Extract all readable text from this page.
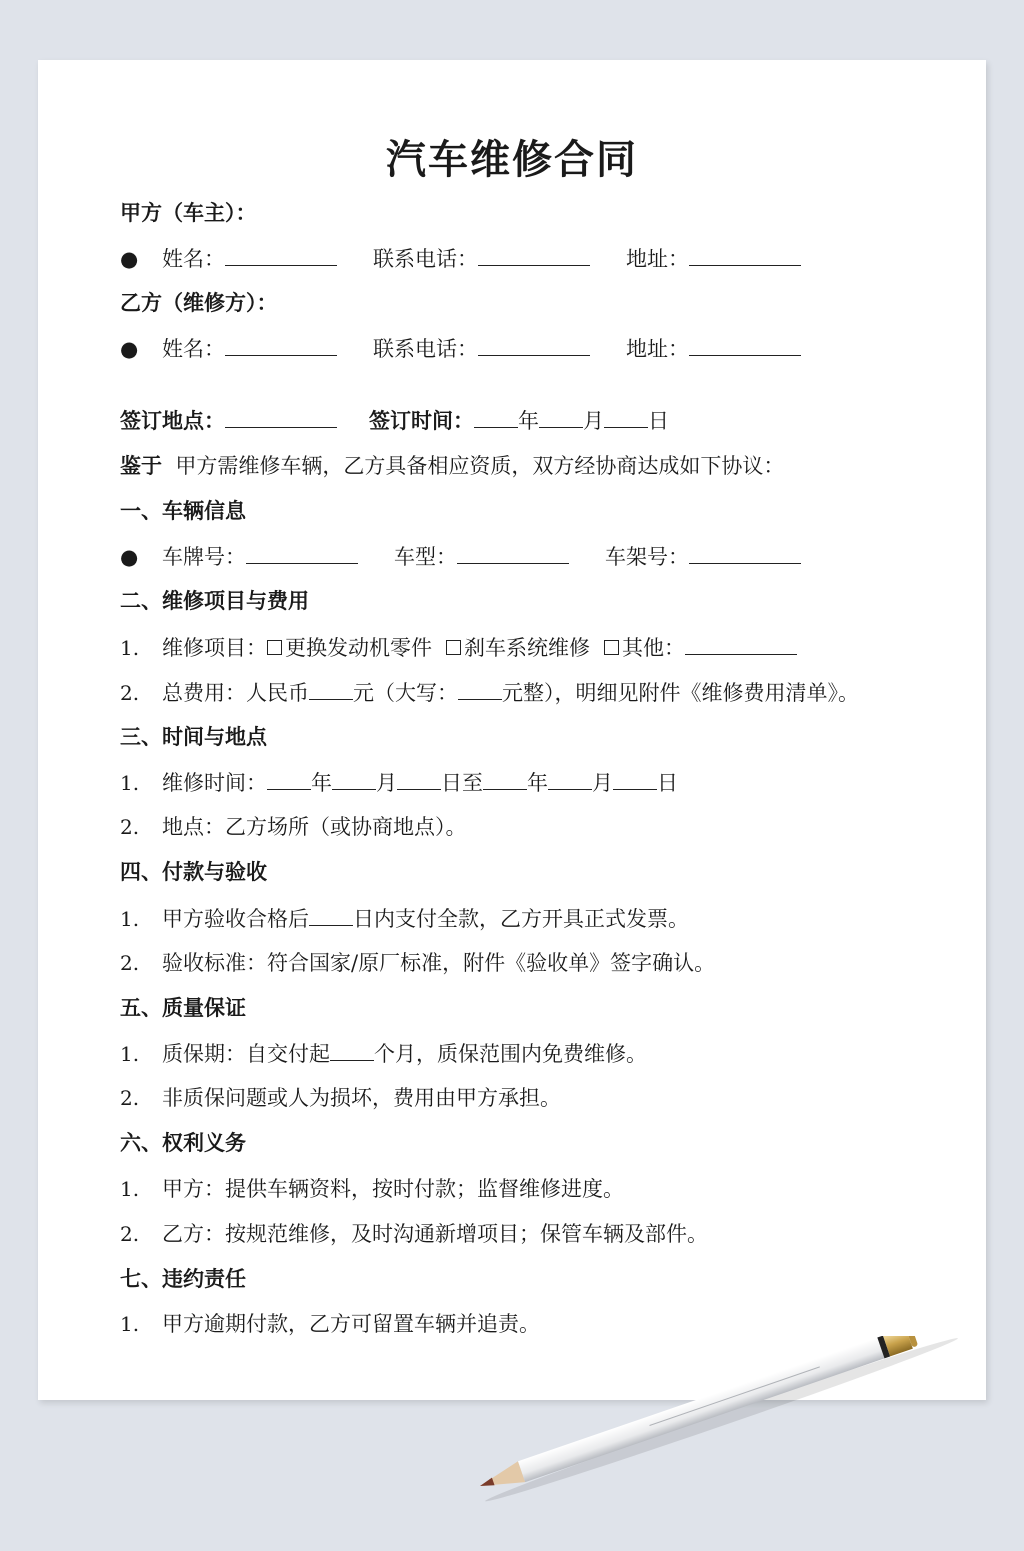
汽车维修合同
甲方（车主）：
● 姓名：	联系电话：	地址：
乙方（维修方）：
● 姓名：	联系电话：	地址：
签订地点：	签订时间： 年 月 日
鉴于 甲方需维修车辆，乙方具备相应资质，双方经协商达成如下协议：
一、车辆信息
● 车牌号：	车型：	车架号：
二、维修项目与费用
1. 维修项目： 更换发动机零件 刹车系统维修 其他：
2. 总费用：人民币 元（大写： 元整），明细见附件《维修费用清单》。
三、时间与地点
1. 维修时间： 年 月 日至 年 月 日
2. 地点：乙方场所（或协商地点）。
四、付款与验收
1. 甲方验收合格后 日内支付全款，乙方开具正式发票。
2. 验收标准：符合国家/原厂标准，附件《验收单》签字确认。
五、质量保证
1. 质保期：自交付起 个月，质保范围内免费维修。
2. 非质保问题或人为损坏，费用由甲方承担。
六、权利义务
1. 甲方：提供车辆资料，按时付款；监督维修进度。
2. 乙方：按规范维修，及时沟通新增项目；保管车辆及部件。
七、违约责任
1. 甲方逾期付款，乙方可留置车辆并追责。
